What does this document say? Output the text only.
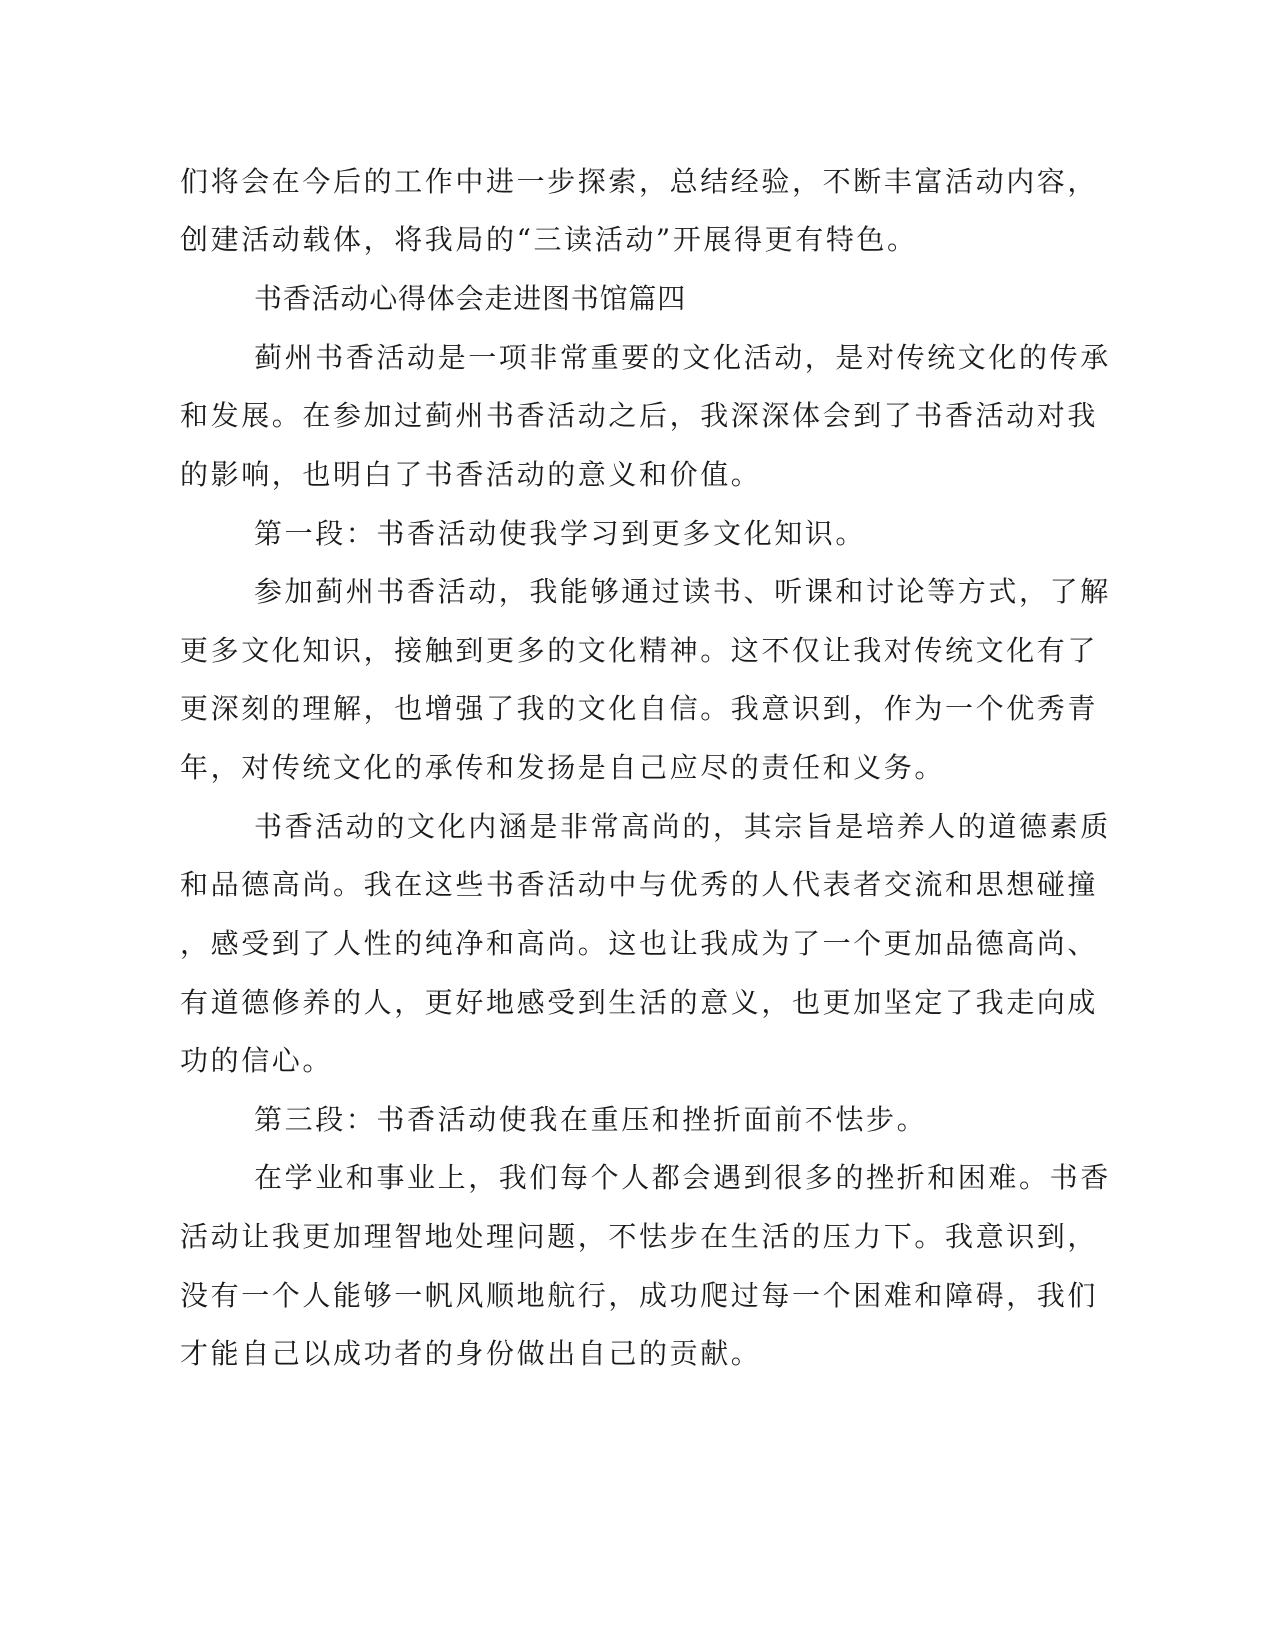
们将会在今后的工作中进一步探索，总结经验，不断丰富活动内容，
创建活动载体，将我局的“三读活动”开展得更有特色。
书香活动心得体会走进图书馆篇四
蓟州书香活动是一项非常重要的文化活动，是对传统文化的传承
和发展。在参加过蓟州书香活动之后，我深深体会到了书香活动对我
的影响，也明白了书香活动的意义和价值。
第一段：书香活动使我学习到更多文化知识。
参加蓟州书香活动，我能够通过读书、听课和讨论等方式，了解
更多文化知识，接触到更多的文化精神。这不仅让我对传统文化有了
更深刻的理解，也增强了我的文化自信。我意识到，作为一个优秀青
年，对传统文化的承传和发扬是自己应尽的责任和义务。
书香活动的文化内涵是非常高尚的，其宗旨是培养人的道德素质
和品德高尚。我在这些书香活动中与优秀的人代表者交流和思想碰撞
，感受到了人性的纯净和高尚。这也让我成为了一个更加品德高尚、
有道德修养的人，更好地感受到生活的意义，也更加坚定了我走向成
功的信心。
第三段：书香活动使我在重压和挫折面前不怯步。
在学业和事业上，我们每个人都会遇到很多的挫折和困难。书香
活动让我更加理智地处理问题，不怯步在生活的压力下。我意识到，
没有一个人能够一帆风顺地航行，成功爬过每一个困难和障碍，我们
才能自己以成功者的身份做出自己的贡献。
